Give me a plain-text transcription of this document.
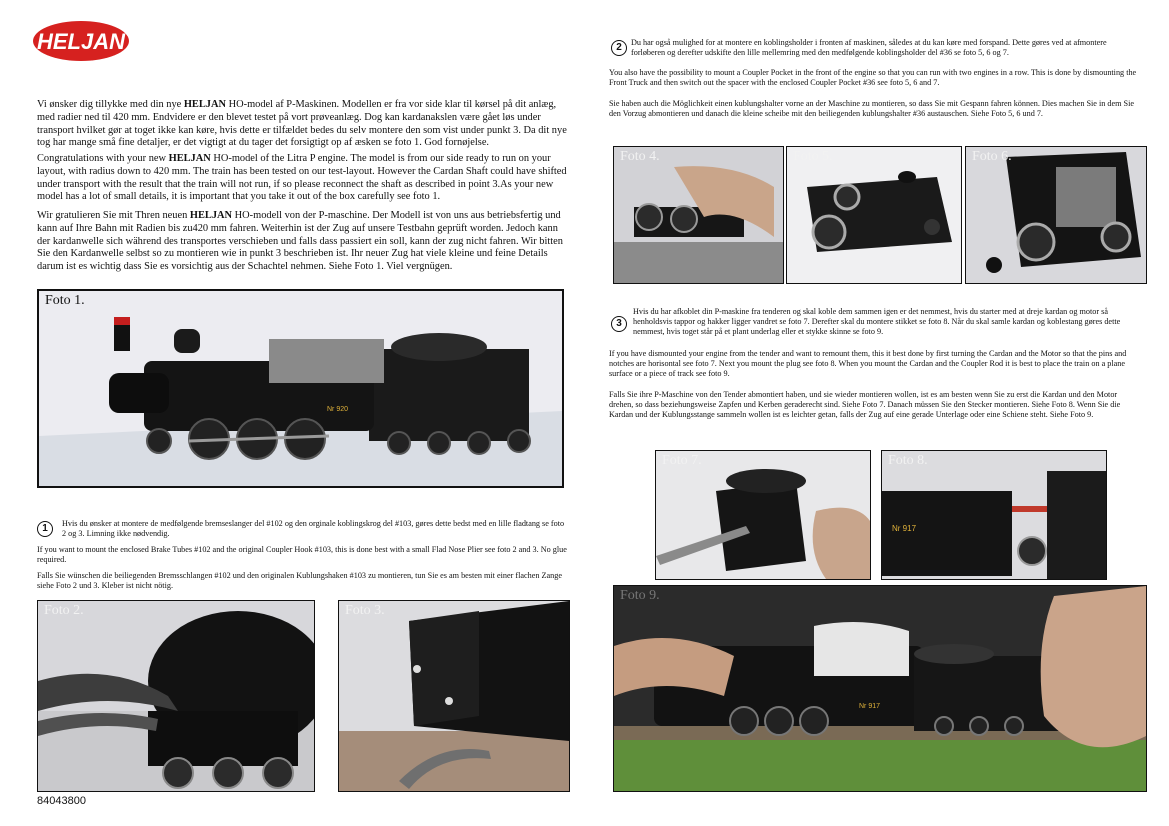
HELJAN

Vi ønsker dig tillykke med din nye HELJAN HO-model af P-Maskinen. Modellen er fra vor side klar til kørsel på dit anlæg, med radier ned til 420 mm. Endvidere er den blevet testet på vort prøveanlæg. Dog kan kardanakslen være gået løs under transport hvilket gør at toget ikke kan køre, hvis dette er tilfældet bedes du selv montere den som vist under punkt 3. Da dit nye tog har mange små fine detaljer, er det vigtigt at du tager det forsigtigt op af æsken se foto 1. God fornøjelse.

Congratulations with your new HELJAN HO-model of the Litra P engine. The model is from our side ready to run on your layout, with radius down to 420 mm. The train has been tested on our test-layout. However the Cardan Shaft could have shifted under transport with the result that the train will not run, if so please reconnect the shaft as described in point 3.As your new model has a lot of small details, it is important that you take it out of the box carefully see foto 1.

Wir gratulieren Sie mit Thren neuen HELJAN HO-modell von der P-maschine. Der Modell ist von uns aus betriebsfertig und kann auf Ihre Bahn mit Radien bis zu420 mm fahren. Weiterhin ist der Zug auf unsere Testbahn geprüft worden. Jedoch kann der kardanwelle sich während des transportes verschieben und falls dass passiert ein soll, kann der zug nicht fahren. Wir bitten Sie den Kardanwelle selbst so zu montieren wie in punkt 3 beschrieben ist. Ihr neuer Zug hat viele kleine und feine Details darum ist es wichtig dass Sie es vorsichtig aus der Schachtel nehmen. Siehe Foto 1. Viel vergnügen.

Foto 1.
Nr 920
1	Hvis du ønsker at montere de medfølgende bremseslanger del #102 og den orginale koblingskrog del #103, gøres dette bedst med en lille fladtang se foto 2 og 3. Limning ikke nødvendig.

If you want to mount the enclosed Brake Tubes #102 and the original Coupler Hook #103, this is done best with a small Flad Nose Plier see foto 2 and 3. No glue required.

Falls Sie wünschen die beiliegenden Bremsschlangen #102 und den originalen Kublungshaken #103 zu montieren, tun Sie es am besten mit einer flachen Zange siehe Foto 2 und 3. Kleber ist nicht nötig.

Foto 2.	Foto 3.
2	Du har også mulighed for at montere en koblingsholder i fronten af maskinen, således at du kan køre med forspand. Dette gøres ved at afmontere forløberen og derefter udskifte den lille mellemring med den medfølgende koblingsholder del #36 se foto 5, 6 og 7.

You also have the possibility to mount a Coupler Pocket in the front of the engine so that you can run with two engines in a row. This is done by dismounting the Front Truck and then switch out the spacer with the enclosed Coupler Pocket #36 see foto 5, 6 and 7.

Sie haben auch die Möglichkeit einen kublungshalter vorne an der Maschine zu montieren, so dass Sie mit Gespann fahren können. Dies machen Sie in dem Sie den Vorzug abmontieren und danach die kleine scheibe mit den beiliegenden kublungshalter #36 austauschen. Siehe Foto 5, 6 und 7.

Foto 4.	Foto 5.	Foto 6.
3

Hvis du har afkoblet din P-maskine fra tenderen og skal koble dem sammen igen er det nemmest, hvis du starter med at dreje kardan og motor så henholdsvis tappor og hakker ligger vandret se foto 7. Derefter skal du montere stikket se foto 8. Når du skal samle kardan og koblestang gøres dette nemmest, hvis toget står på et plant underlag eller et stykke skinne se foto 9.

If you have dismounted your engine from the tender and want to remount them, this it best done by first turning the Cardan and the Motor so that the pins and notches are horisontal see foto 7. Next you mount the plug see foto 8. When you mount the Cardan and the Coupler Rod it is best to place the train on a plane surface or a piece of track see foto 9.

Falls Sie ihre P-Maschine von den Tender abmontiert haben, und sie wieder montieren wollen, ist es am besten wenn Sie zu erst die Kardan und den Motor drehen, so dass beziehungsweise Zapfen und Kerben geraderecht sind. Siehe Foto 7. Danach müssen Sie den Stecker montieren. Siehe Foto 8. Wenn Sie die Kardan und der Kublungsstange sammeln wollen ist es leichter getan, falls der Zug auf eine gerade Unterlage oder eine Schiene steht. Siehe Foto 9.

Foto 7.	Foto 8.
Nr 917
Foto 9.
Nr 917
84043800
